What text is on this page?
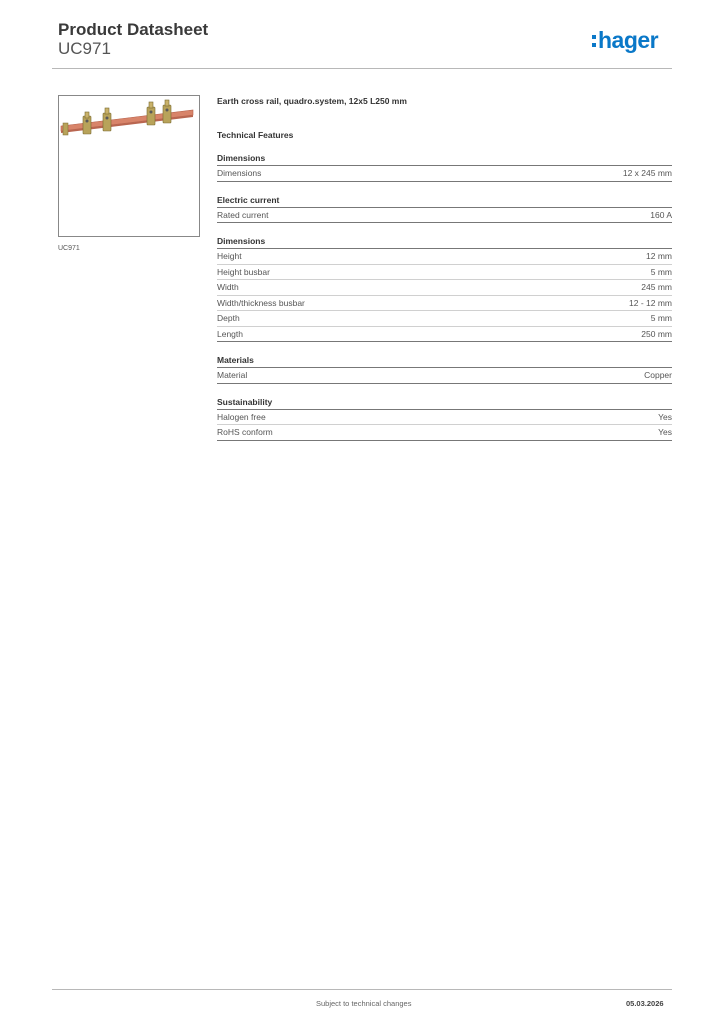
Product Datasheet
UC971	hager
UC971
Earth cross rail, quadro.system, 12x5 L250 mm
Technical Features
Dimensions
Dimensions	12 x 245 mm
Electric current
Rated current	160 A
Dimensions
Height	12 mm
Height busbar	5 mm
Width	245 mm
Width/thickness busbar	12 - 12 mm
Depth	5 mm
Length	250 mm
Materials
Material	Copper
Sustainability
Halogen free	Yes
RoHS conform	Yes
Subject to technical changes	05.03.2026
